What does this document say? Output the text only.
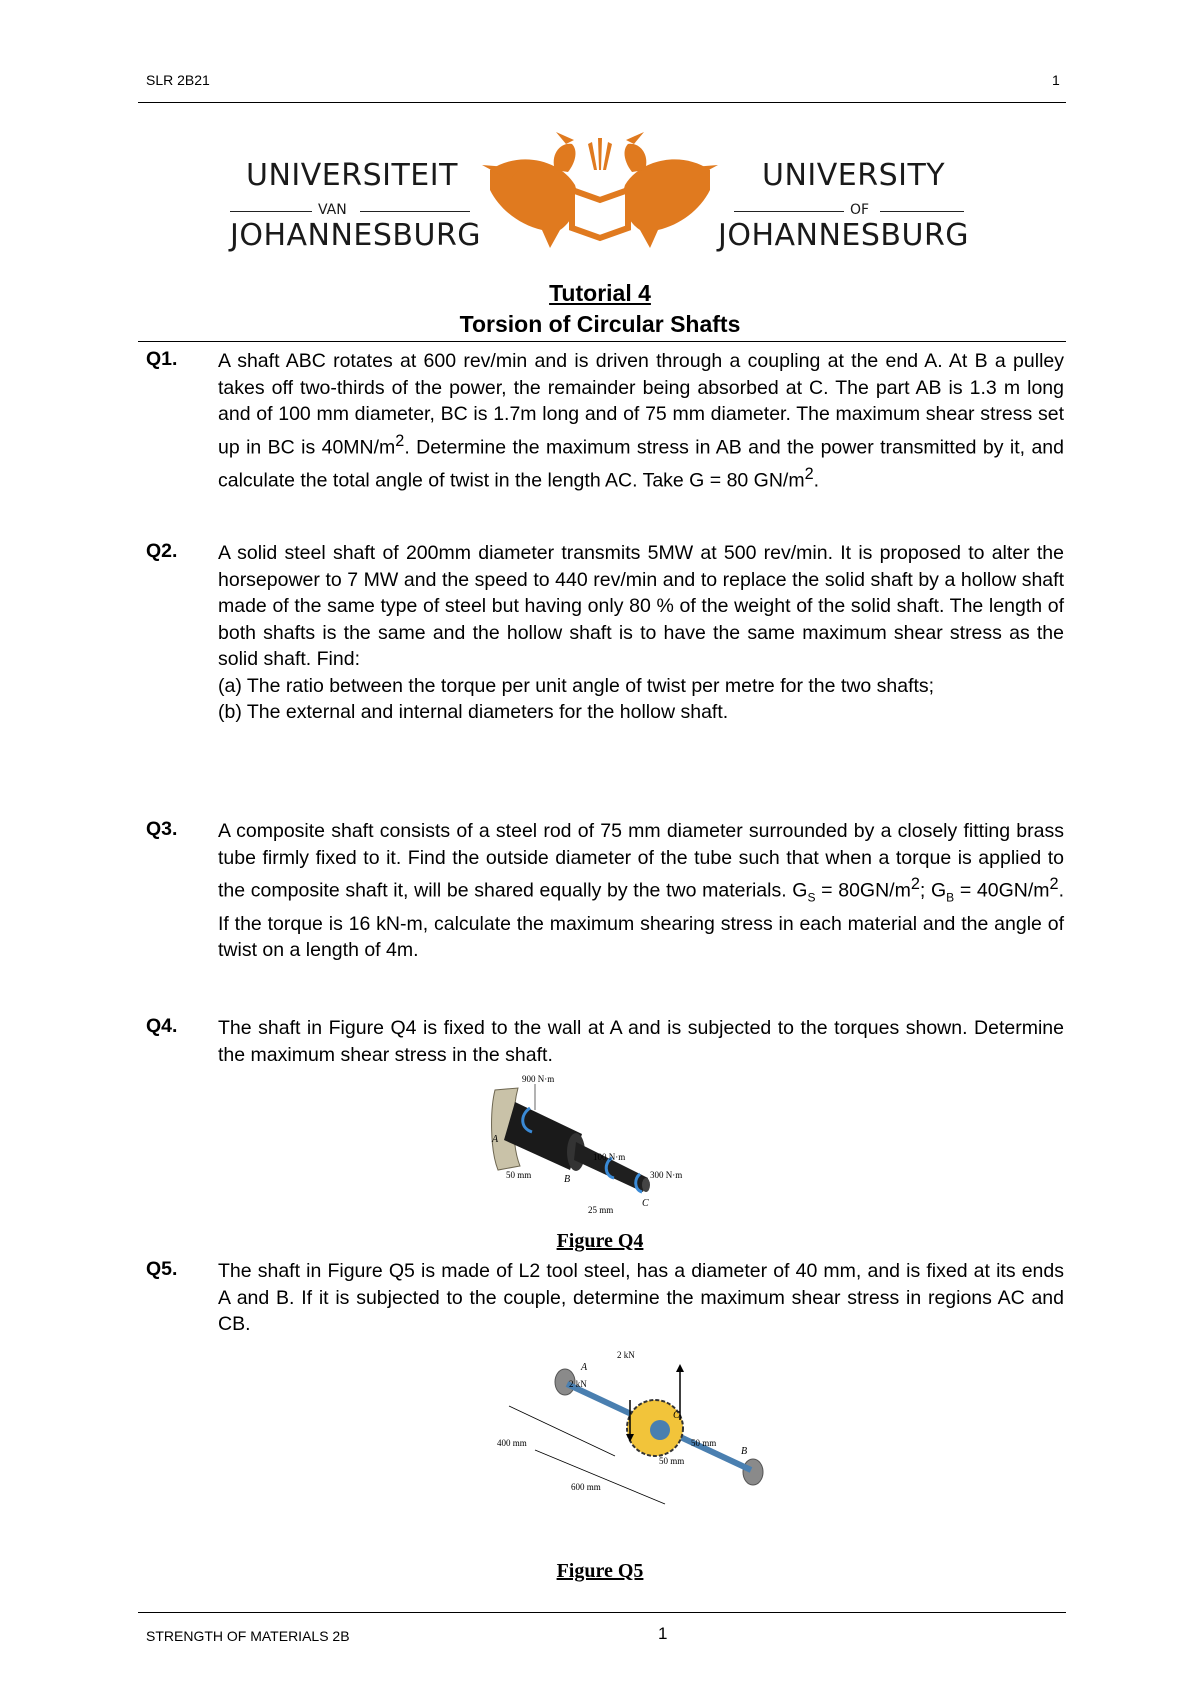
SLR 2B21	1
UNIVERSITEIT
VAN
JOHANNESBURG
UNIVERSITY
OF
JOHANNESBURG
Tutorial 4
Torsion of Circular Shafts
Q1. A shaft ABC rotates at 600 rev/min and is driven through a coupling at the end A. At B a pulley takes off two-thirds of the power, the remainder being absorbed at C. The part AB is 1.3 m long and of 100 mm diameter, BC is 1.7m long and of 75 mm diameter. The maximum shear stress set up in BC is $40MN/m^2$. Determine the maximum stress in AB and the power transmitted by it, and calculate the total angle of twist in the length AC. Take G = 80 $GN/m^2$.

Q2. A solid steel shaft of 200mm diameter transmits 5MW at 500 rev/min. It is proposed to alter the horsepower to 7 MW and the speed to 440 rev/min and to replace the solid shaft by a hollow shaft made of the same type of steel but having only 80 % of the weight of the solid shaft. The length of both shafts is the same and the hollow shaft is to have the same maximum shear stress as the solid shaft. Find:

(a) The ratio between the torque per unit angle of twist per metre for the two shafts;

(b) The external and internal diameters for the hollow shaft.

Q3. A composite shaft consists of a steel rod of 75 mm diameter surrounded by a closely fitting brass tube firmly fixed to it. Find the outside diameter of the tube such that when a torque is applied to the composite shaft it, will be shared equally by the two materials. $G_S = 80GN/m^2$; $G_B = 40GN/m^2$. If the torque is 16 kN-m, calculate the maximum shearing stress in each material and the angle of twist on a length of 4m.

Q4. The shaft in Figure Q4 is fixed to the wall at A and is subjected to the torques shown. Determine the maximum shear stress in the shaft.
900 N·m
100 N·m
300 N·m
50 mm
25 mm
A
B
C
Figure Q4
Q5. The shaft in Figure Q5 is made of L2 tool steel, has a diameter of 40 mm, and is fixed at its ends A and B. If it is subjected to the couple, determine the maximum shear stress in regions AC and CB.
2 kN
2 kN
400 mm
600 mm
50 mm
50 mm
A
B
C
Figure Q5
STRENGTH OF MATERIALS 2B	1
